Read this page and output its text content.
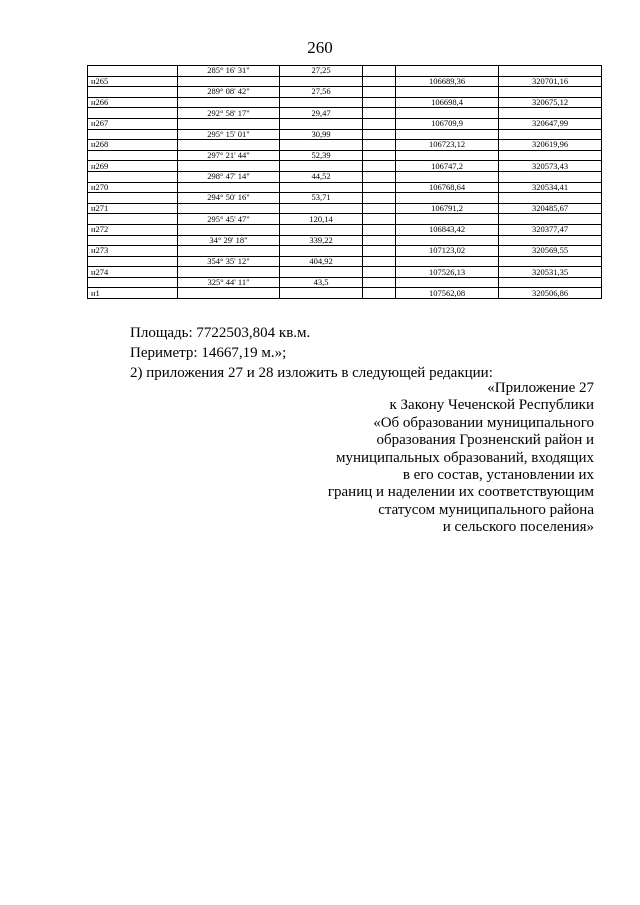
260
	285° 16' 31"	27,25			
н265				106689,36	320701,16
	289° 08' 42"	27,56			
н266				106698,4	320675,12
	292° 58' 17"	29,47			
н267				106709,9	320647,99
	295° 15' 01"	30,99			
н268				106723,12	320619,96
	297° 21' 44"	52,39			
н269				106747,2	320573,43
	298° 47' 14"	44,52			
н270				106768,64	320534,41
	294° 50' 16"	53,71			
н271				106791,2	320485,67
	295° 45' 47"	120,14			
н272				106843,42	320377,47
	34° 29' 18"	339,22			
н273				107123,02	320569,55
	354° 35' 12"	404,92			
н274				107526,13	320531,35
	325° 44' 11"	43,5			
н1				107562,08	320506,86
Площадь: 7722503,804 кв.м.
Периметр: 14667,19 м.»;
2) приложения 27 и 28 изложить в следующей редакции:
«Приложение 27
к Закону Чеченской Республики
«Об образовании муниципального
образования Грозненский район и
муниципальных образований, входящих
в его состав, установлении их
границ и наделении их соответствующим
статусом муниципального района
и сельского поселения»
